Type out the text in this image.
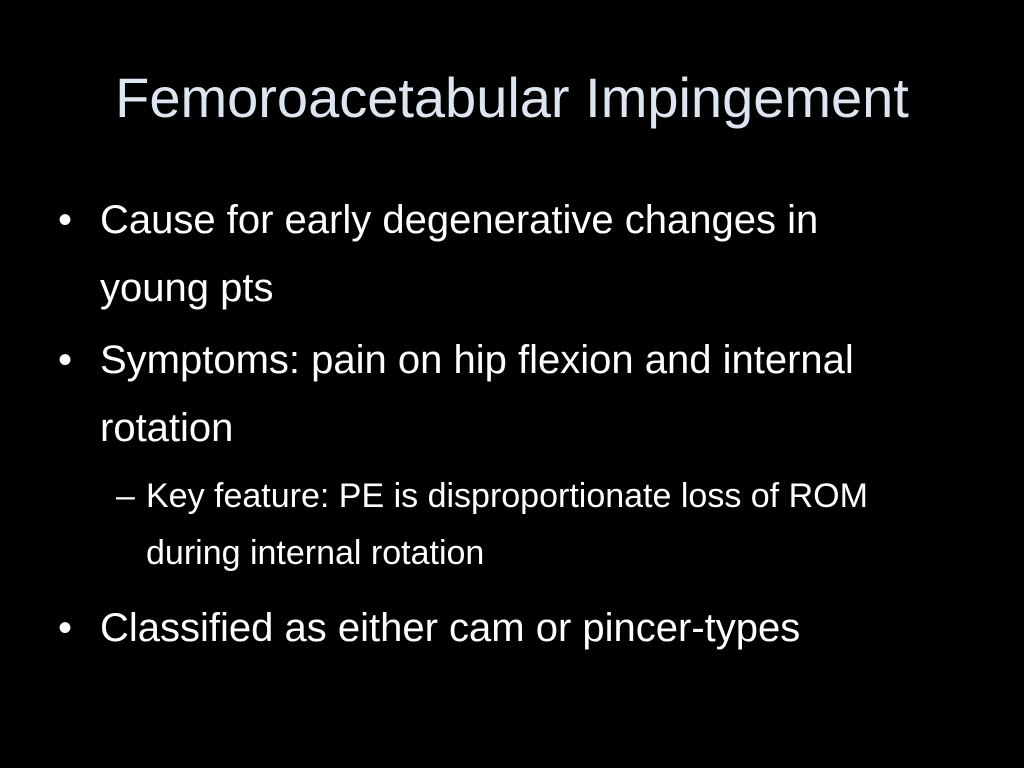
Femoroacetabular Impingement
• Cause for early degenerative changes in young pts
• Symptoms: pain on hip flexion and internal rotation
– Key feature: PE is disproportionate loss of ROM during internal rotation
• Classified as either cam or pincer-types
